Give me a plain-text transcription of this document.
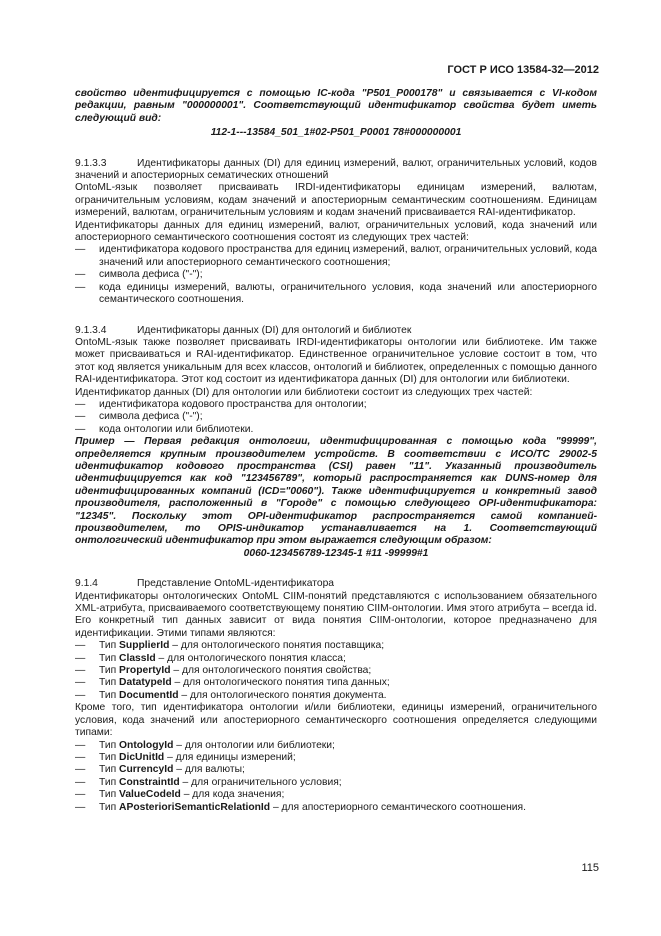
ГОСТ Р ИСО 13584-32—2012

свойство идентифицируется с помощью IC-кода "P501_P000178" и связывается с VI-кодом редакции, равным "000000001". Соответствующий идентификатор свойства будет иметь следующий вид:

112-1---13584_501_1#02-P501_P0001 78#000000001

9.1.3.3	Идентификаторы данных (DI) для единиц измерений, валют, ограничительных условий, кодов значений и апостериорных сематических отношений

OntoML-язык позволяет присваивать IRDI-идентификаторы единицам измерений, валютам, ограничительным условиям, кодам значений и апостериорным семантическим соотношениям. Единицам измерений, валютам, ограничительным условиям и кодам значений присваивается RAI-идентификатор.

Идентификаторы данных для единиц измерений, валют, ограничительных условий, кода значений или апостериорного семантического соотношения состоят из следующих трех частей:

—	идентификатора кодового пространства для единиц измерений, валют, ограничительных условий, кода значений или апостериорного семантического соотношения;
—	символа дефиса ("-");
—	кода единицы измерений, валюты, ограничительного условия, кода значений или апостериорного семантического соотношения.

9.1.3.4	Идентификаторы данных (DI) для онтологий и библиотек

OntoML-язык также позволяет присваивать IRDI-идентификаторы онтологии или библиотеке. Им также может присваиваться и RAI-идентификатор. Единственное ограничительное условие состоит в том, что этот код является уникальным для всех классов, онтологий и библиотек, определенных с помощью данного RAI-идентификатора. Этот код состоит из идентификатора данных (DI) для онтологии или библиотеки.

Идентификатор данных (DI) для онтологии или библиотеки состоит из следующих трех частей:

—	идентификатора кодового пространства для онтологии;
—	символа дефиса ("-");
—	кода онтологии или библиотеки.

Пример — Первая редакция онтологии, идентифицированная с помощью кода "99999", определяется крупным производителем устройств. В соответствии с ИСО/ТС 29002-5 идентификатор кодового пространства (CSI) равен "11". Указанный производитель идентифицируется как код "123456789", который распространяется как DUNS-номер для идентифицированных компаний (ICD="0060"). Также идентифицируется и конкретный завод производителя, расположенный в "Городе" с помощью следующего OPI-идентификатора: "12345". Поскольку этот OPI-идентификатор распространяется самой компанией-производителем, то OPIS-индикатор устанавливается на 1. Соответствующий онтологический идентификатор при этом выражается следующим образом:

0060-123456789-12345-1 #11 -99999#1

9.1.4	Представление OntoML-идентификатора

Идентификаторы онтологических OntoML CIIM-понятий представляются с использованием обязательного XML-атрибута, присваиваемого соответствующему понятию CIIM-онтологии. Имя этого атрибута – всегда id. Его конкретный тип данных зависит от вида понятия CIIM-онтологии, которое предназначено для идентификации. Этими типами являются:

—	Тип SupplierId – для онтологического понятия поставщика;
—	Тип ClassId – для онтологического понятия класса;
—	Тип PropertyId – для онтологического понятия свойства;
—	Тип DatatypeId – для онтологического понятия типа данных;
—	Тип DocumentId – для онтологического понятия документа.

Кроме того, тип идентификатора онтологии и/или библиотеки, единицы измерений, ограничительного условия, кода значений или апостериорного семантическорго соотношения определяется следующими типами:

—	Тип OntologyId – для онтологии или библиотеки;
—	Тип DicUnitId – для единицы измерений;
—	Тип CurrencyId – для валюты;
—	Тип ConstraintId – для ограничительного условия;
—	Тип ValueCodeId – для кода значения;
—	Тип APosterioriSemanticRelationId – для апостериорного семантического соотношения.
115
